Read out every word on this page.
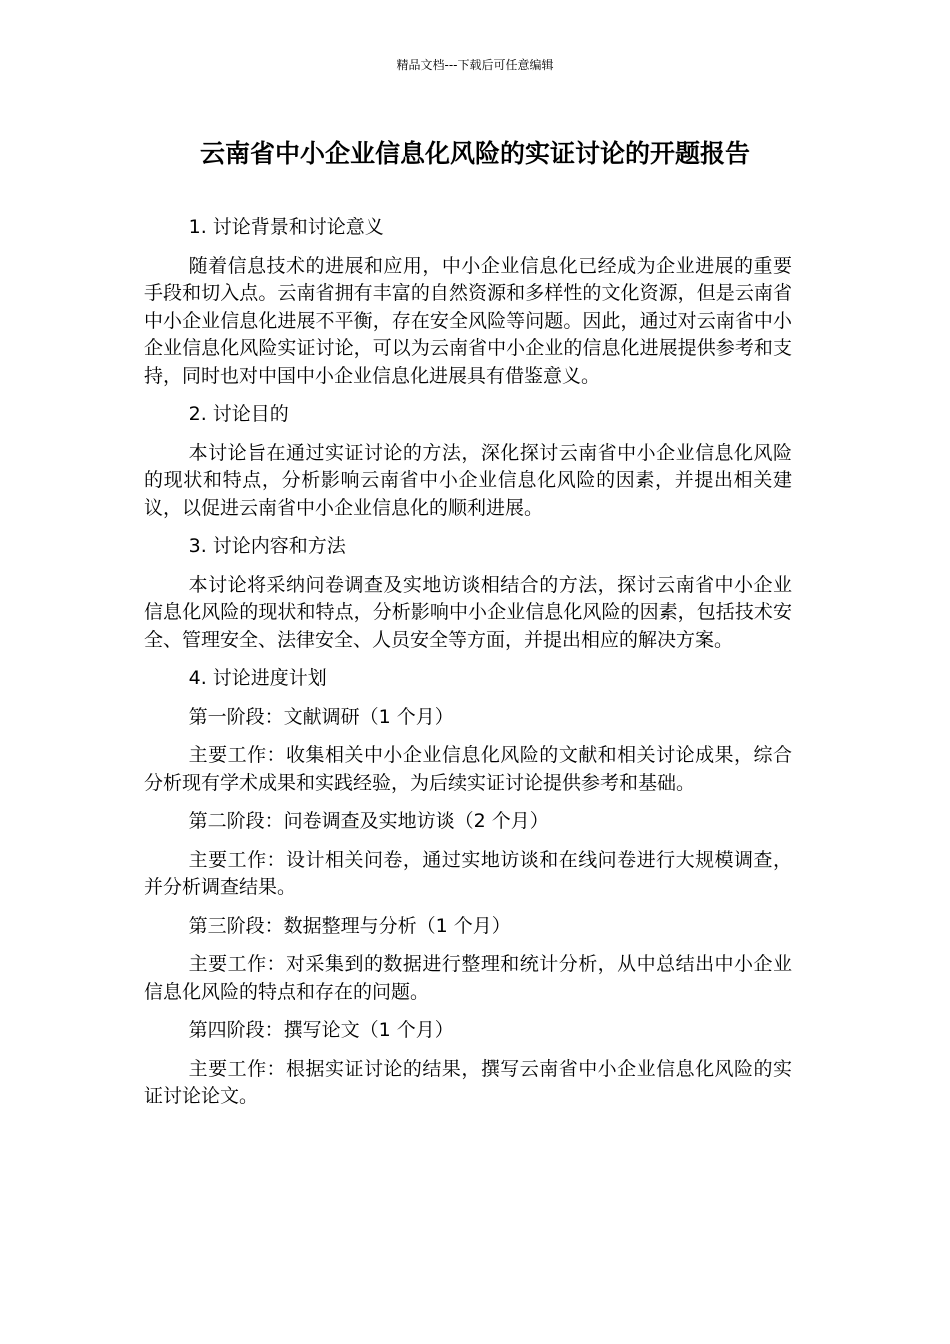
精品文档---下载后可任意编辑
云南省中小企业信息化风险的实证讨论的开题报告

1. 讨论背景和讨论意义

随着信息技术的进展和应用，中小企业信息化已经成为企业进展的重要手段和切入点。云南省拥有丰富的自然资源和多样性的文化资源，但是云南省中小企业信息化进展不平衡，存在安全风险等问题。因此，通过对云南省中小企业信息化风险实证讨论，可以为云南省中小企业的信息化进展提供参考和支持，同时也对中国中小企业信息化进展具有借鉴意义。

2. 讨论目的

本讨论旨在通过实证讨论的方法，深化探讨云南省中小企业信息化风险的现状和特点，分析影响云南省中小企业信息化风险的因素，并提出相关建议，以促进云南省中小企业信息化的顺利进展。

3. 讨论内容和方法

本讨论将采纳问卷调查及实地访谈相结合的方法，探讨云南省中小企业信息化风险的现状和特点，分析影响中小企业信息化风险的因素，包括技术安全、管理安全、法律安全、人员安全等方面，并提出相应的解决方案。

4. 讨论进度计划

第一阶段：文献调研（1 个月）

主要工作：收集相关中小企业信息化风险的文献和相关讨论成果，综合分析现有学术成果和实践经验，为后续实证讨论提供参考和基础。

第二阶段：问卷调查及实地访谈（2 个月）

主要工作：设计相关问卷，通过实地访谈和在线问卷进行大规模调查，并分析调查结果。

第三阶段：数据整理与分析（1 个月）

主要工作：对采集到的数据进行整理和统计分析，从中总结出中小企业信息化风险的特点和存在的问题。

第四阶段：撰写论文（1 个月）

主要工作：根据实证讨论的结果，撰写云南省中小企业信息化风险的实证讨论论文。
